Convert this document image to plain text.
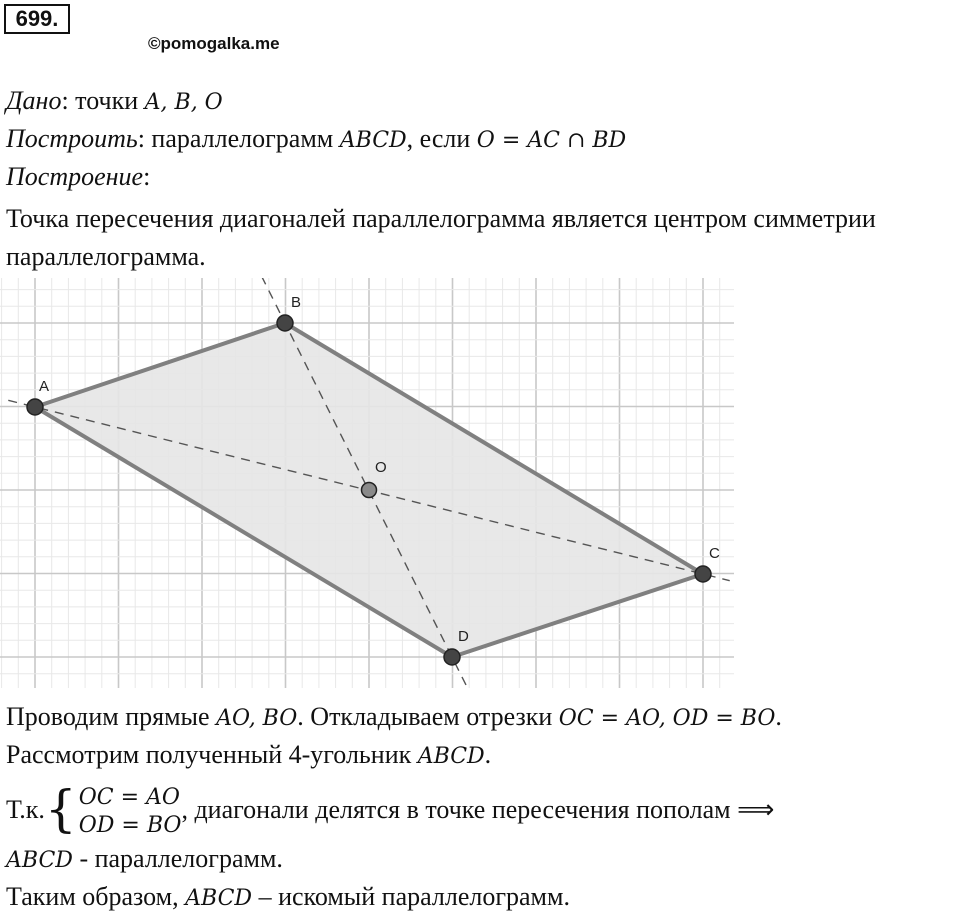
699.
©pomogalka.me
Дано: точки A, B, O
Построить: параллелограмм ABCD, если O = AC ∩ BD
Построение:
Точка пересечения диагоналей параллелограмма является центром симметрии
параллелограмма.
A
B
C
D
O
Проводим прямые AO, BO. Откладываем отрезки OC = AO, OD = BO.
Рассмотрим полученный 4-угольник ABCD.
Т.к.{ OC = AO
OD = BO
, диагонали делятся в точке пересечения пополам ⟹
ABCD - параллелограмм.
Таким образом, ABCD – искомый параллелограмм.
